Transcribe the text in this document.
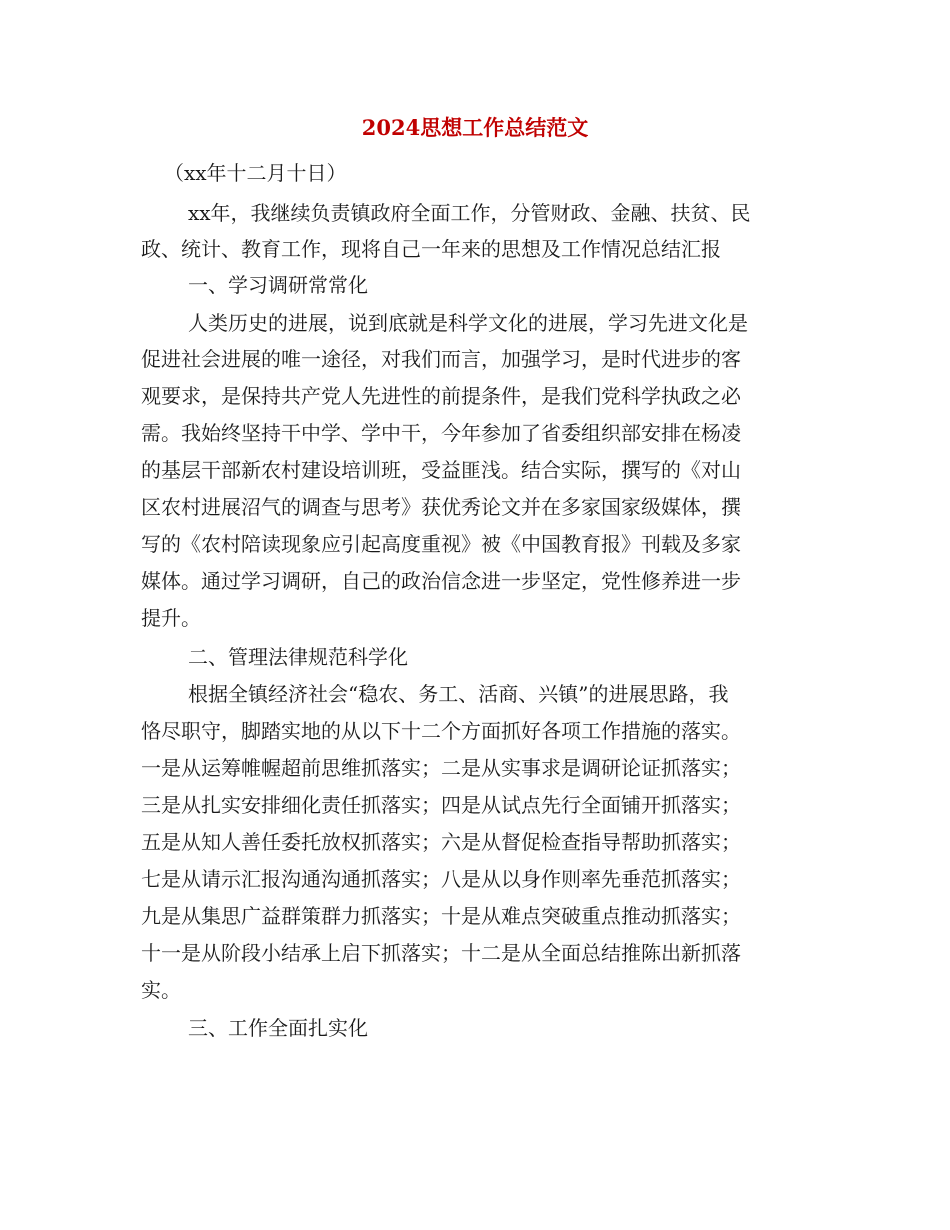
2024思想工作总结范文
（xx年十二月十日）
xx年，我继续负责镇政府全面工作，分管财政、金融、扶贫、民
政、统计、教育工作，现将自己一年来的思想及工作情况总结汇报
一、学习调研常常化
人类历史的进展，说到底就是科学文化的进展，学习先进文化是
促进社会进展的唯一途径，对我们而言，加强学习，是时代进步的客
观要求，是保持共产党人先进性的前提条件，是我们党科学执政之必
需。我始终坚持干中学、学中干，今年参加了省委组织部安排在杨凌
的基层干部新农村建设培训班，受益匪浅。结合实际，撰写的《对山
区农村进展沼气的调查与思考》获优秀论文并在多家国家级媒体，撰
写的《农村陪读现象应引起高度重视》被《中国教育报》刊载及多家
媒体。通过学习调研，自己的政治信念进一步坚定，党性修养进一步
提升。
二、管理法律规范科学化
根据全镇经济社会“稳农、务工、活商、兴镇”的进展思路，我
恪尽职守，脚踏实地的从以下十二个方面抓好各项工作措施的落实。
一是从运筹帷幄超前思维抓落实；二是从实事求是调研论证抓落实；
三是从扎实安排细化责任抓落实；四是从试点先行全面铺开抓落实；
五是从知人善任委托放权抓落实；六是从督促检查指导帮助抓落实；
七是从请示汇报沟通沟通抓落实；八是从以身作则率先垂范抓落实；
九是从集思广益群策群力抓落实；十是从难点突破重点推动抓落实；
十一是从阶段小结承上启下抓落实；十二是从全面总结推陈出新抓落
实。
三、工作全面扎实化
